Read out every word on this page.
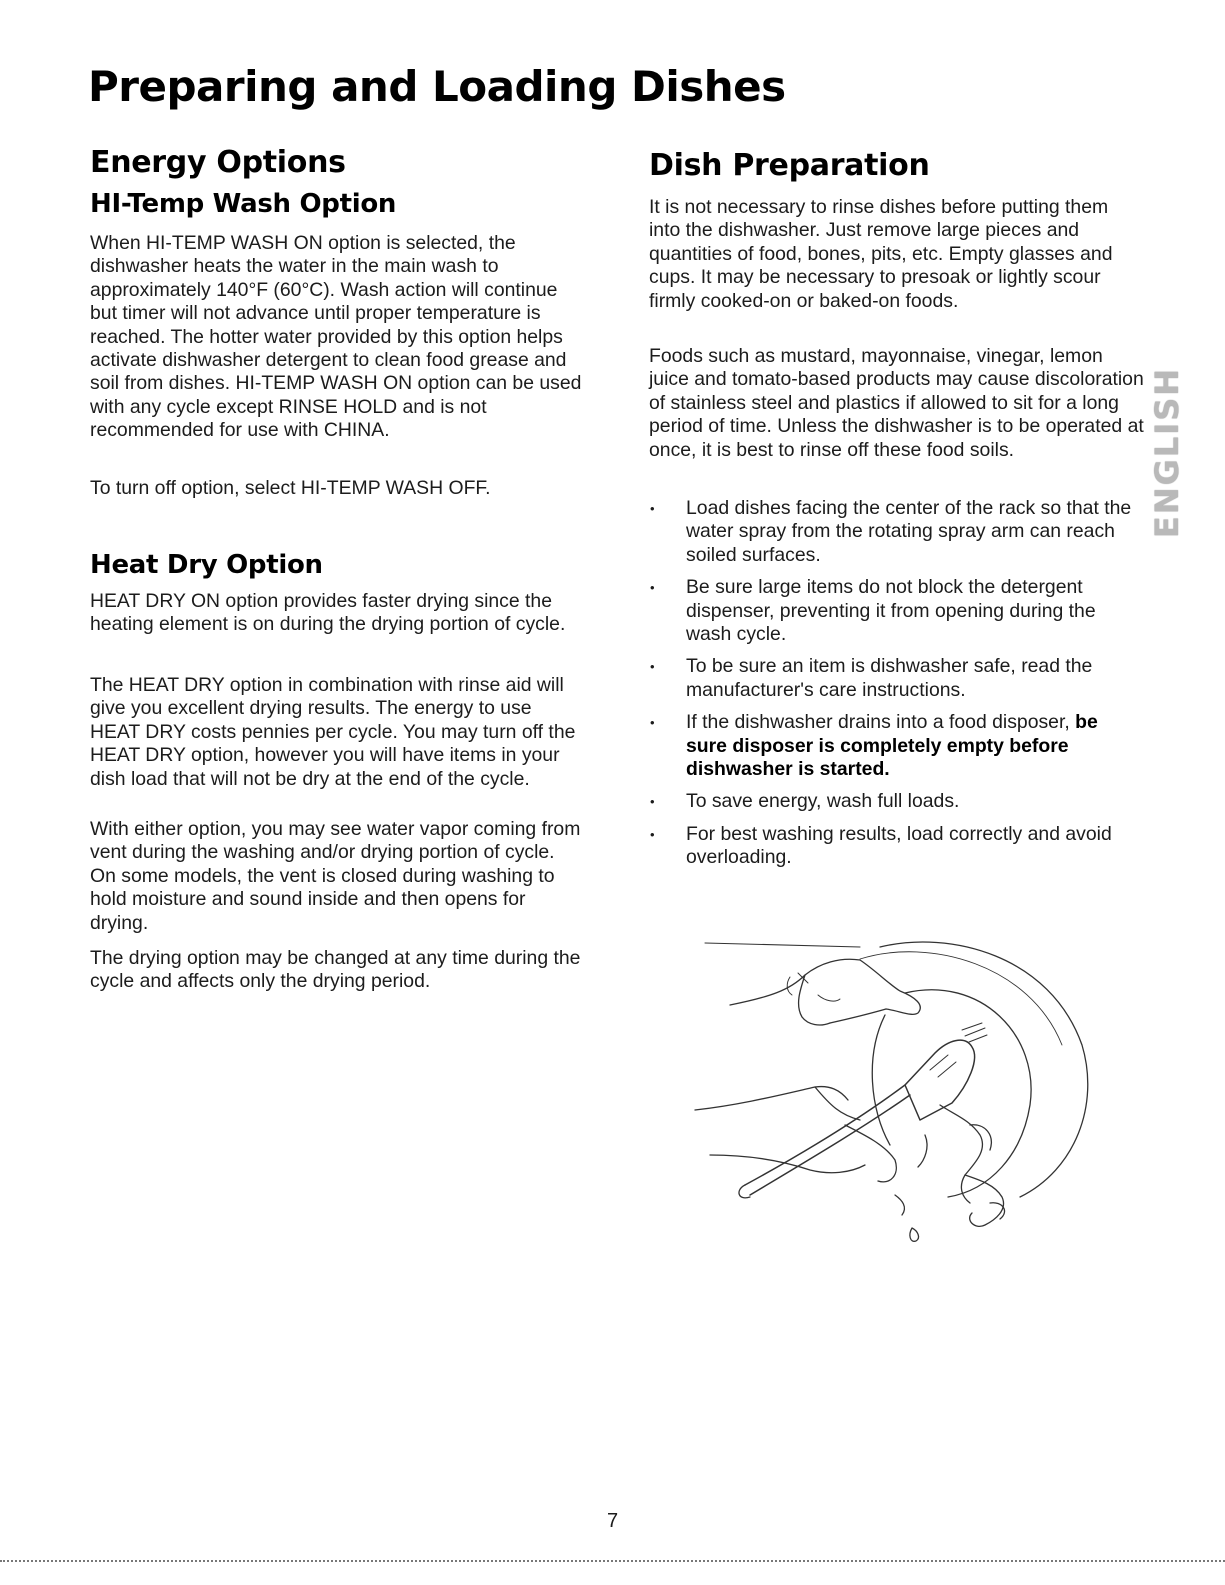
Preparing and Loading Dishes
Energy Options
HI-Temp Wash Option

When HI-TEMP WASH ON option is selected, the dishwasher heats the water in the main wash to approximately 140°F (60°C). Wash action will continue but timer will not advance until proper temperature is reached. The hotter water provided by this option helps activate dishwasher detergent to clean food grease and soil from dishes. HI-TEMP WASH ON option can be used with any cycle except RINSE HOLD and is not recommended for use with CHINA.

To turn off option, select HI-TEMP WASH OFF.

Heat Dry Option

HEAT DRY ON option provides faster drying since the heating element is on during the drying portion of cycle.

The HEAT DRY option in combination with rinse aid will give you excellent drying results. The energy to use HEAT DRY costs pennies per cycle. You may turn off the HEAT DRY option, however you will have items in your dish load that will not be dry at the end of the cycle.

With either option, you may see water vapor coming from vent during the washing and/or drying portion of cycle. On some models, the vent is closed during washing to hold moisture and sound inside and then opens for drying.

The drying option may be changed at any time during the cycle and affects only the drying period.

Dish Preparation

It is not necessary to rinse dishes before putting them into the dishwasher. Just remove large pieces and quantities of food, bones, pits, etc. Empty glasses and cups. It may be necessary to presoak or lightly scour firmly cooked-on or baked-on foods.

Foods such as mustard, mayonnaise, vinegar, lemon juice and tomato-based products may cause discoloration of stainless steel and plastics if allowed to sit for a long period of time. Unless the dishwasher is to be operated at once, it is best to rinse off these food soils.

• Load dishes facing the center of the rack so that the water spray from the rotating spray arm can reach soiled surfaces.
• Be sure large items do not block the detergent dispenser, preventing it from opening during the wash cycle.
• To be sure an item is dishwasher safe, read the manufacturer's care instructions.
• If the dishwasher drains into a food disposer, be sure disposer is completely empty before dishwasher is started.
• To save energy, wash full loads.
• For best washing results, load correctly and avoid overloading.
ENGLISH
7
